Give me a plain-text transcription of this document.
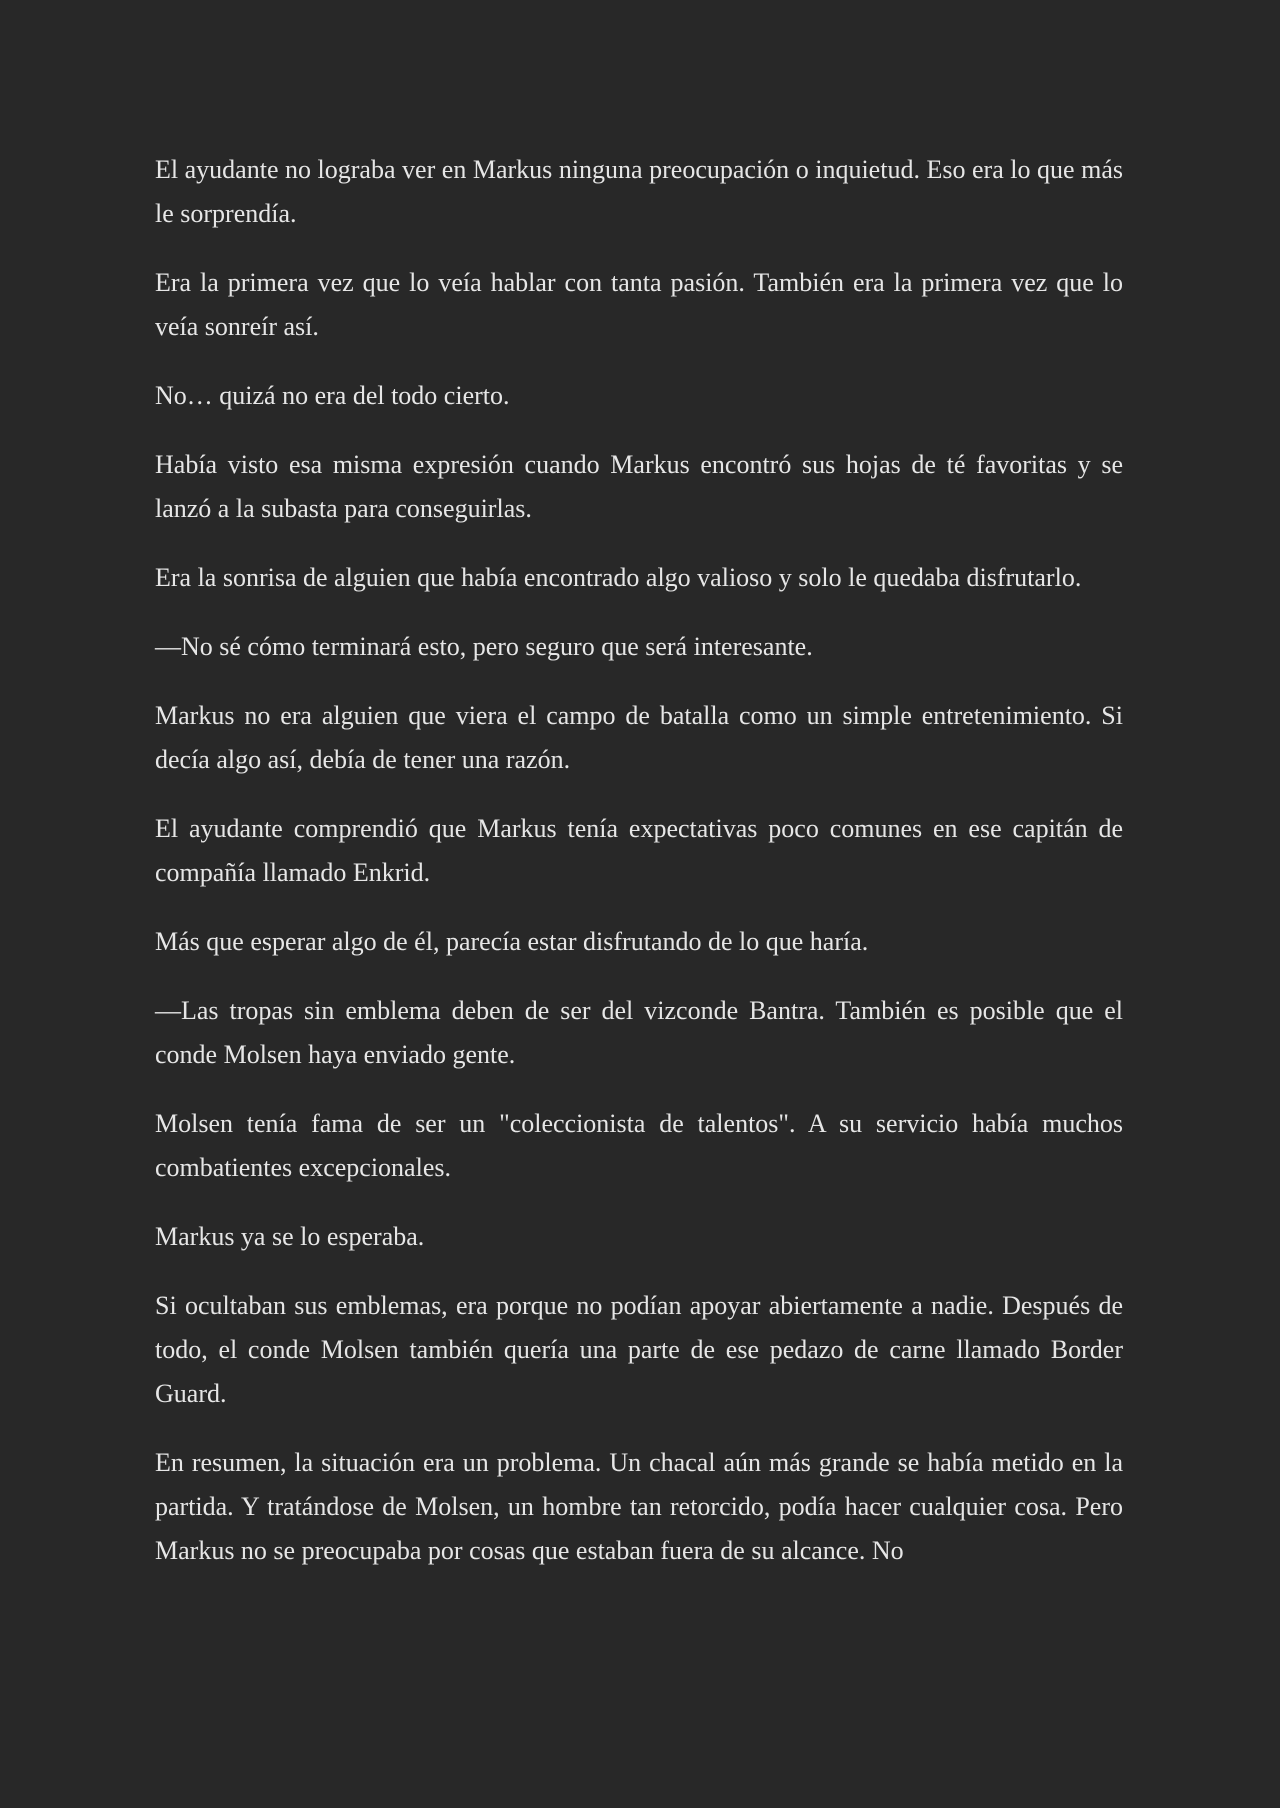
El ayudante no lograba ver en Markus ninguna preocupación o inquietud. Eso era lo que más le sorprendía.

Era la primera vez que lo veía hablar con tanta pasión. También era la primera vez que lo veía sonreír así.

No… quizá no era del todo cierto.

Había visto esa misma expresión cuando Markus encontró sus hojas de té favoritas y se lanzó a la subasta para conseguirlas.

Era la sonrisa de alguien que había encontrado algo valioso y solo le quedaba disfrutarlo.

—No sé cómo terminará esto, pero seguro que será interesante.

Markus no era alguien que viera el campo de batalla como un simple entretenimiento. Si decía algo así, debía de tener una razón.

El ayudante comprendió que Markus tenía expectativas poco comunes en ese capitán de compañía llamado Enkrid.

Más que esperar algo de él, parecía estar disfrutando de lo que haría.

—Las tropas sin emblema deben de ser del vizconde Bantra. También es posible que el conde Molsen haya enviado gente.

Molsen tenía fama de ser un "coleccionista de talentos". A su servicio había muchos combatientes excepcionales.

Markus ya se lo esperaba.

Si ocultaban sus emblemas, era porque no podían apoyar abiertamente a nadie. Después de todo, el conde Molsen también quería una parte de ese pedazo de carne llamado Border Guard.

En resumen, la situación era un problema. Un chacal aún más grande se había metido en la partida. Y tratándose de Molsen, un hombre tan retorcido, podía hacer cualquier cosa. Pero Markus no se preocupaba por cosas que estaban fuera de su alcance. No
